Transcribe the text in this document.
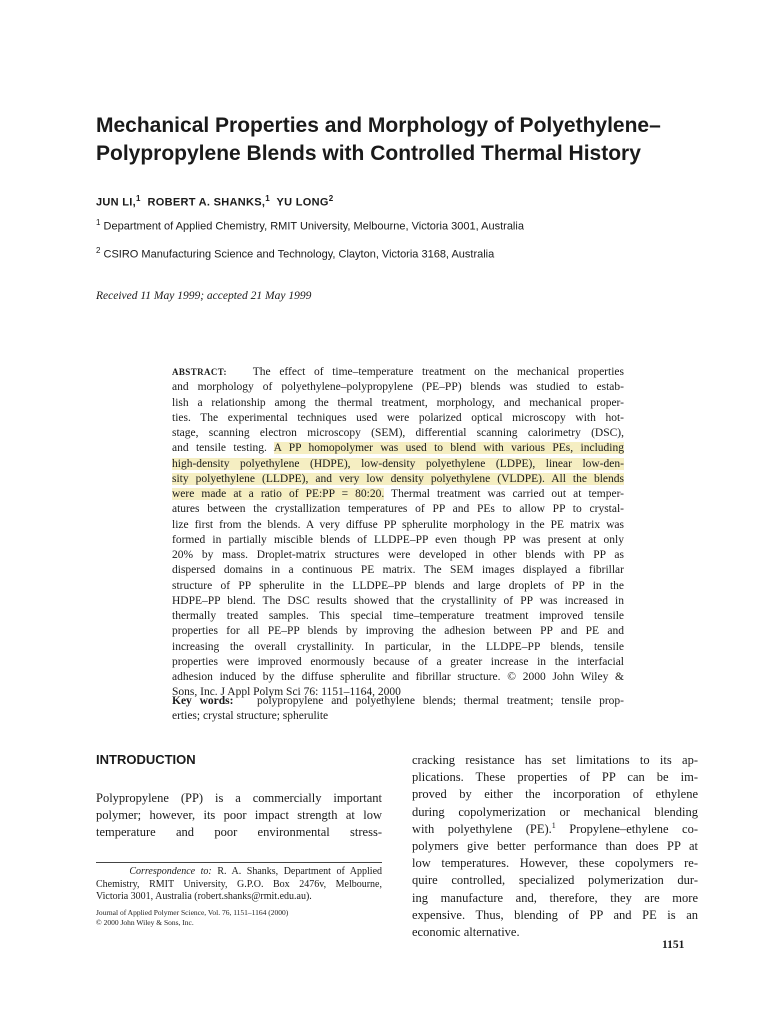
Mechanical Properties and Morphology of Polyethylene–
Polypropylene Blends with Controlled Thermal History
JUN LI,$^1$ ROBERT A. SHANKS,$^1$ YU LONG$^2$
$^1$ Department of Applied Chemistry, RMIT University, Melbourne, Victoria 3001, Australia
$^2$ CSIRO Manufacturing Science and Technology, Clayton, Victoria 3168, Australia
Received 11 May 1999; accepted 21 May 1999

ABSTRACT: The effect of time–temperature treatment on the mechanical properties

and morphology of polyethylene–polypropylene (PE–PP) blends was studied to estab-

lish a relationship among the thermal treatment, morphology, and mechanical proper-

ties. The experimental techniques used were polarized optical microscopy with hot-

stage, scanning electron microscopy (SEM), differential scanning calorimetry (DSC),

and tensile testing. A PP homopolymer was used to blend with various PEs, including

high-density polyethylene (HDPE), low-density polyethylene (LDPE), linear low-den-

sity polyethylene (LLDPE), and very low density polyethylene (VLDPE). All the blends

were made at a ratio of PE:PP = 80:20. Thermal treatment was carried out at temper-

atures between the crystallization temperatures of PP and PEs to allow PP to crystal-

lize first from the blends. A very diffuse PP spherulite morphology in the PE matrix was

formed in partially miscible blends of LLDPE–PP even though PP was present at only

20% by mass. Droplet-matrix structures were developed in other blends with PP as

dispersed domains in a continuous PE matrix. The SEM images displayed a fibrillar

structure of PP spherulite in the LLDPE–PP blends and large droplets of PP in the

HDPE–PP blend. The DSC results showed that the crystallinity of PP was increased in

thermally treated samples. This special time–temperature treatment improved tensile

properties for all PE–PP blends by improving the adhesion between PP and PE and

increasing the overall crystallinity. In particular, in the LLDPE–PP blends, tensile

properties were improved enormously because of a greater increase in the interfacial

adhesion induced by the diffuse spherulite and fibrillar structure. © 2000 John Wiley &

Sons, Inc. J Appl Polym Sci 76: 1151–1164, 2000

Key words: polypropylene and polyethylene blends; thermal treatment; tensile prop-

erties; crystal structure; spherulite

INTRODUCTION

Polypropylene (PP) is a commercially important

polymer; however, its poor impact strength at low

temperature and poor environmental stress-

cracking resistance has set limitations to its ap-

plications. These properties of PP can be im-

proved by either the incorporation of ethylene

during copolymerization or mechanical blending

with polyethylene (PE).$^1$ Propylene–ethylene co-

polymers give better performance than does PP at

low temperatures. However, these copolymers re-

quire controlled, specialized polymerization dur-

ing manufacture and, therefore, they are more

expensive. Thus, blending of PP and PE is an

economic alternative.

Correspondence to: R. A. Shanks, Department of Applied

Chemistry, RMIT University, G.P.O. Box 2476v, Melbourne,

Victoria 3001, Australia (robert.shanks@rmit.edu.au).

Journal of Applied Polymer Science, Vol. 76, 1151–1164 (2000)

© 2000 John Wiley & Sons, Inc.

1151
